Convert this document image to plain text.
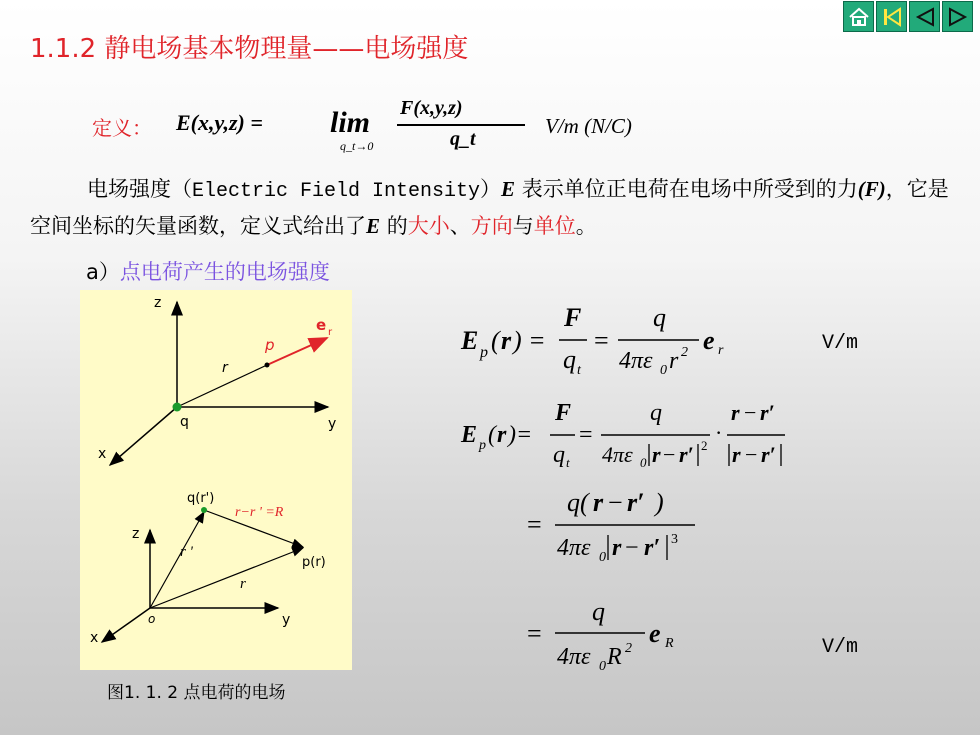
1.1.2 静电场基本物理量——电场强度
定义： E(x,y,z) = lim
q_t→0
F(x,y,z)
q_t
V/m (N/C)
电场强度（Electric Field Intensity）E 表示单位正电荷在电场中所受到的力(F)，它是空间坐标的矢量函数，定义式给出了E 的大小、方向与单位。
a）点电荷产生的电场强度
z
x
y
q
r
p
e r
q(r')
r−r ' =R
p(r)
z
x
y
o
r '
r
图1. 1. 2 点电荷的电场
E p ( r ) =
F
q t
=
q
4πε 0 r 2 e r	V/m
E p ( r )=
F
q t
=
q
4πε 0 r − r′ 2
·
r − r′
r − r′
=
q( r − r′ )
4πε 0 r − r′ 3
=
q
4πε 0 R 2
e R	V/m
